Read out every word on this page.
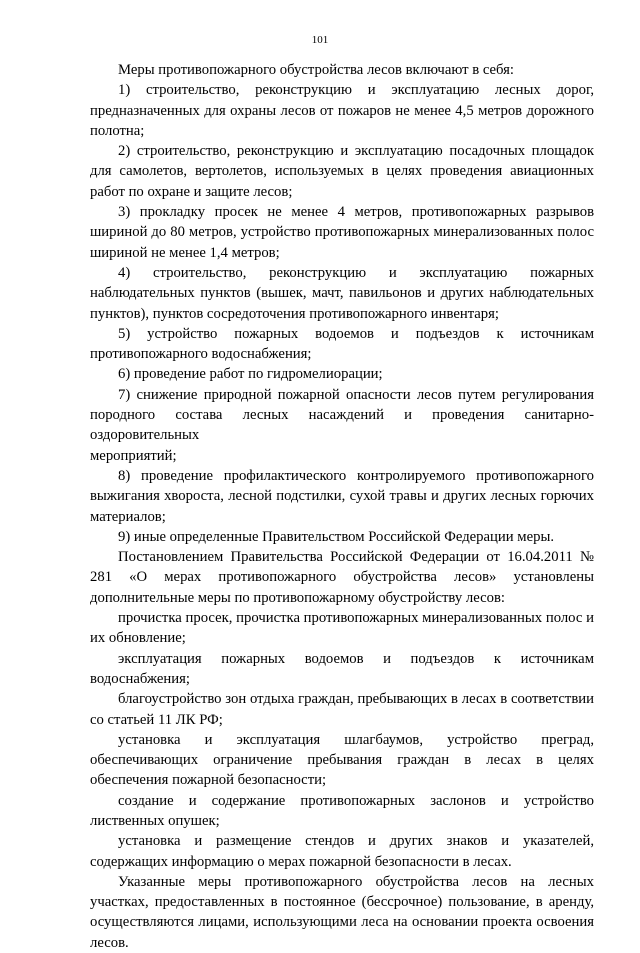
101

Меры противопожарного обустройства лесов включают в себя:

1) строительство, реконструкцию и эксплуатацию лесных дорог, предназначенных для охраны лесов от пожаров не менее 4,5 метров дорожного полотна;

2) строительство, реконструкцию и эксплуатацию посадочных площадок для самолетов, вертолетов, используемых в целях проведения авиационных работ по охране и защите лесов;

3) прокладку просек не менее 4 метров, противопожарных разрывов шириной до 80 метров, устройство противопожарных минерализованных полос шириной не менее 1,4 метров;

4) строительство, реконструкцию и эксплуатацию пожарных наблюдательных пунктов (вышек, мачт, павильонов и других наблюдательных пунктов), пунктов сосредоточения противопожарного инвентаря;

5) устройство пожарных водоемов и подъездов к источникам противопожарного водоснабжения;

6) проведение работ по гидромелиорации;

7) снижение природной пожарной опасности лесов путем регулирования породного состава лесных насаждений и проведения санитарно-оздоровительных

мероприятий;

8) проведение профилактического контролируемого противопожарного выжигания хвороста, лесной подстилки, сухой травы и других лесных горючих материалов;

9) иные определенные Правительством Российской Федерации меры.

Постановлением Правительства Российской Федерации от 16.04.2011 № 281 «О мерах противопожарного обустройства лесов» установлены дополнительные меры по противопожарному обустройству лесов:

прочистка просек, прочистка противопожарных минерализованных полос и их обновление;

эксплуатация пожарных водоемов и подъездов к источникам водоснабжения;

благоустройство зон отдыха граждан, пребывающих в лесах в соответствии со статьей 11 ЛК РФ;

установка и эксплуатация шлагбаумов, устройство преград, обеспечивающих ограничение пребывания граждан в лесах в целях обеспечения пожарной безопасности;

создание и содержание противопожарных заслонов и устройство лиственных опушек;

установка и размещение стендов и других знаков и указателей, содержащих информацию о мерах пожарной безопасности в лесах.

Указанные меры противопожарного обустройства лесов на лесных участках, предоставленных в постоянное (бессрочное) пользование, в аренду, осуществляются лицами, использующими леса на основании проекта освоения лесов.
